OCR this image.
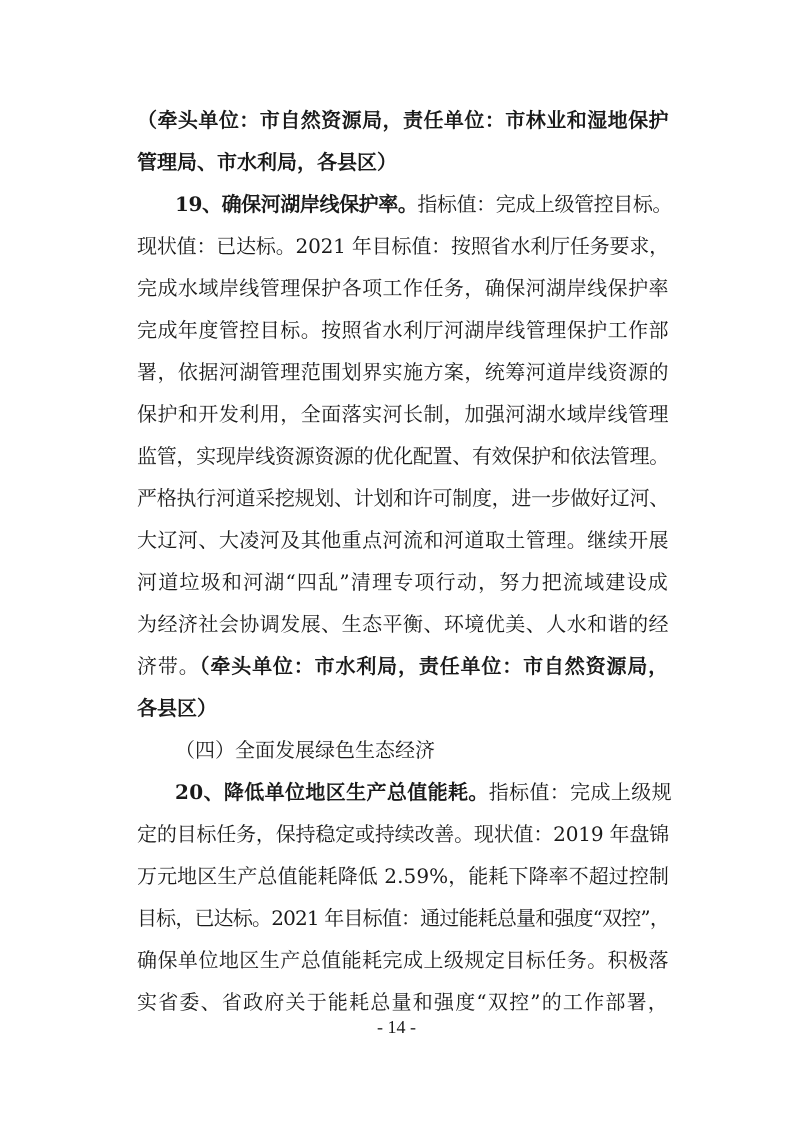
（牵头单位：市自然资源局，责任单位：市林业和湿地保护
管理局、市水利局，各县区）
19、确保河湖岸线保护率。指标值：完成上级管控目标。
现状值：已达标。2021 年目标值：按照省水利厅任务要求，
完成水域岸线管理保护各项工作任务，确保河湖岸线保护率
完成年度管控目标。按照省水利厅河湖岸线管理保护工作部
署，依据河湖管理范围划界实施方案，统筹河道岸线资源的
保护和开发利用，全面落实河长制，加强河湖水域岸线管理
监管，实现岸线资源资源的优化配置、有效保护和依法管理。
严格执行河道采挖规划、计划和许可制度，进一步做好辽河、
大辽河、大凌河及其他重点河流和河道取土管理。继续开展
河道垃圾和河湖“四乱”清理专项行动，努力把流域建设成
为经济社会协调发展、生态平衡、环境优美、人水和谐的经
济带。（牵头单位：市水利局，责任单位：市自然资源局，
各县区）
（四）全面发展绿色生态经济
20、降低单位地区生产总值能耗。指标值：完成上级规
定的目标任务，保持稳定或持续改善。现状值：2019 年盘锦
万元地区生产总值能耗降低 2.59%，能耗下降率不超过控制
目标，已达标。2021 年目标值：通过能耗总量和强度“双控”，
确保单位地区生产总值能耗完成上级规定目标任务。积极落
实省委、省政府关于能耗总量和强度“双控”的工作部署，
- 14 -
